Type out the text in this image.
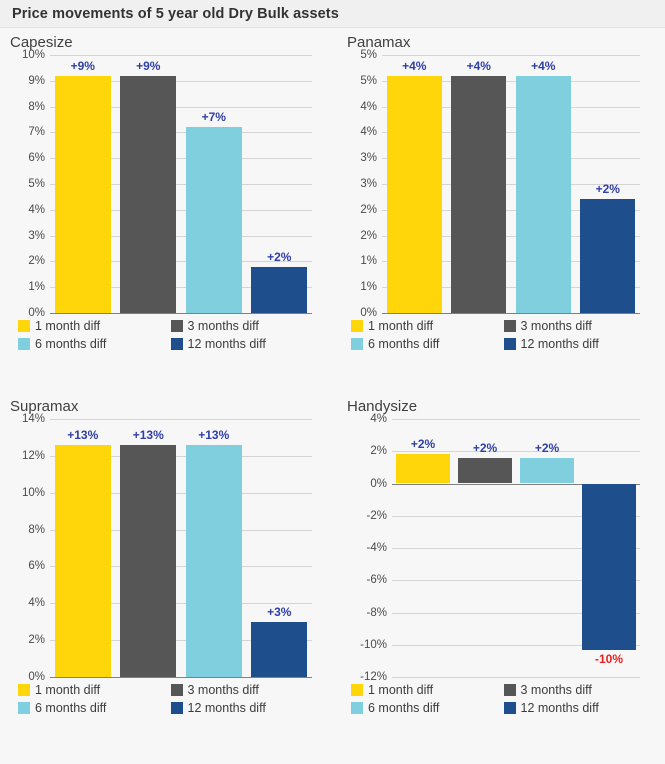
Price movements of 5 year old Dry Bulk assets
Capesize
0%
1%
2%
3%
4%
5%
6%
7%
8%
9%
10%
+9%	+9%
+7%
+2%
1 month diff	3 months diff
6 months diff	12 months diff
Panamax
0%
1%
1%
2%
2%
3%
3%
4%
4%
5%
5%
+4%	+4%	+4%
+2%
1 month diff	3 months diff
6 months diff	12 months diff
Supramax
0%
2%
4%
6%
8%
10%
12%
14%
+13%	+13%	+13%
+3%
1 month diff	3 months diff
6 months diff	12 months diff
Handysize
-12%
-10%
-8%
-6%
-4%
-2%
0%
2%
4%
+2%	+2%	+2%
-10%
1 month diff	3 months diff
6 months diff	12 months diff
